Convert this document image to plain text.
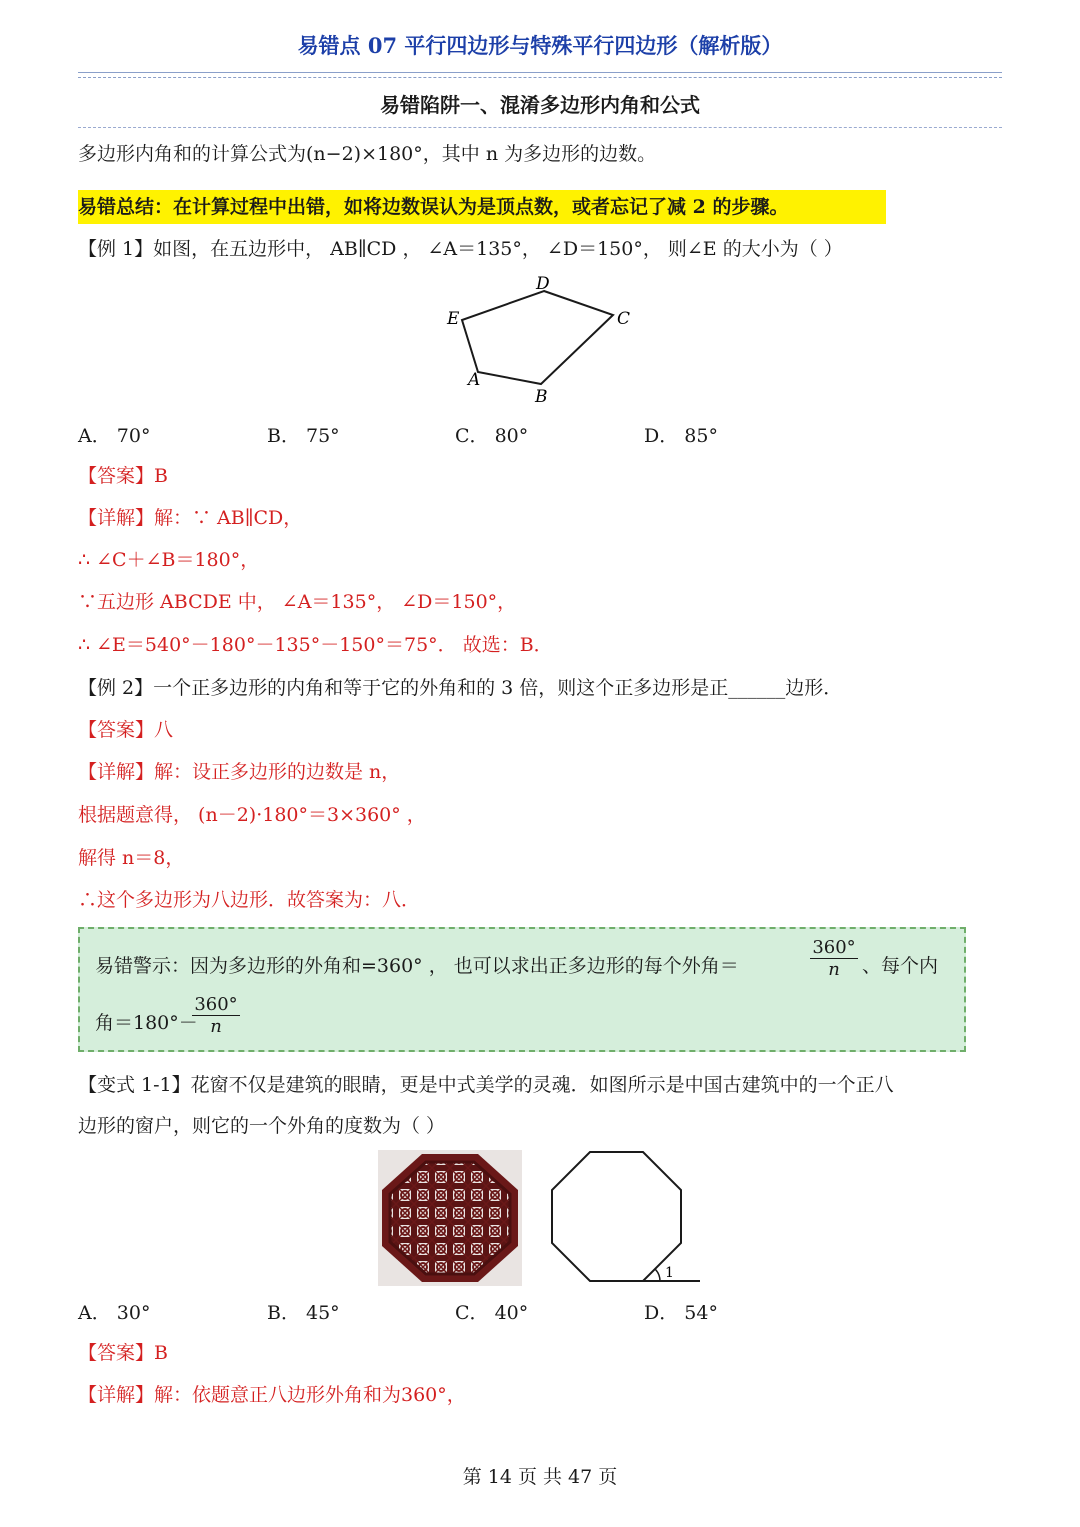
易错点 07 平行四边形与特殊平行四边形（解析版）
易错陷阱一、混淆多边形内角和公式
多边形内角和的计算公式为(n−2)×180°，其中 n 为多边形的边数。
易错总结：在计算过程中出错，如将边数误认为是顶点数，或者忘记了减 2 的步骤。
【例 1】如图，在五边形中， AB∥CD ， ∠A＝135°， ∠D＝150°， 则∠E 的大小为（ ）
D
E	C
A
B
A． 70°	B． 75°	C． 80°	D． 85°
【答案】B
【详解】解：∵ AB∥CD，
∴ ∠C＋∠B＝180°，
∵五边形 ABCDE 中， ∠A＝135°， ∠D＝150°，
∴ ∠E＝540°－180°－135°－150°＝75°． 故选：B．
【例 2】一个正多边形的内角和等于它的外角和的 3 倍，则这个正多边形是正______边形．
【答案】八
【详解】解：设正多边形的边数是 n，
根据题意得， (n－2)·180°＝3×360° ，
解得 n＝8，
∴这个多边形为八边形．故答案为：八．
易错警示：因为多边形的外角和=360° ， 也可以求出正多边形的每个外角＝	$\frac{360^\circ}{n}$ 、每个内
角＝180°－
$\frac{360^\circ}{n}$
【变式 1-1】花窗不仅是建筑的眼睛，更是中式美学的灵魂．如图所示是中国古建筑中的一个正八
边形的窗户，则它的一个外角的度数为（ ）
1
A． 30°	B． 45°	C． 40°	D． 54°
【答案】B
【详解】解：依题意正八边形外角和为360°，
第 14 页 共 47 页
